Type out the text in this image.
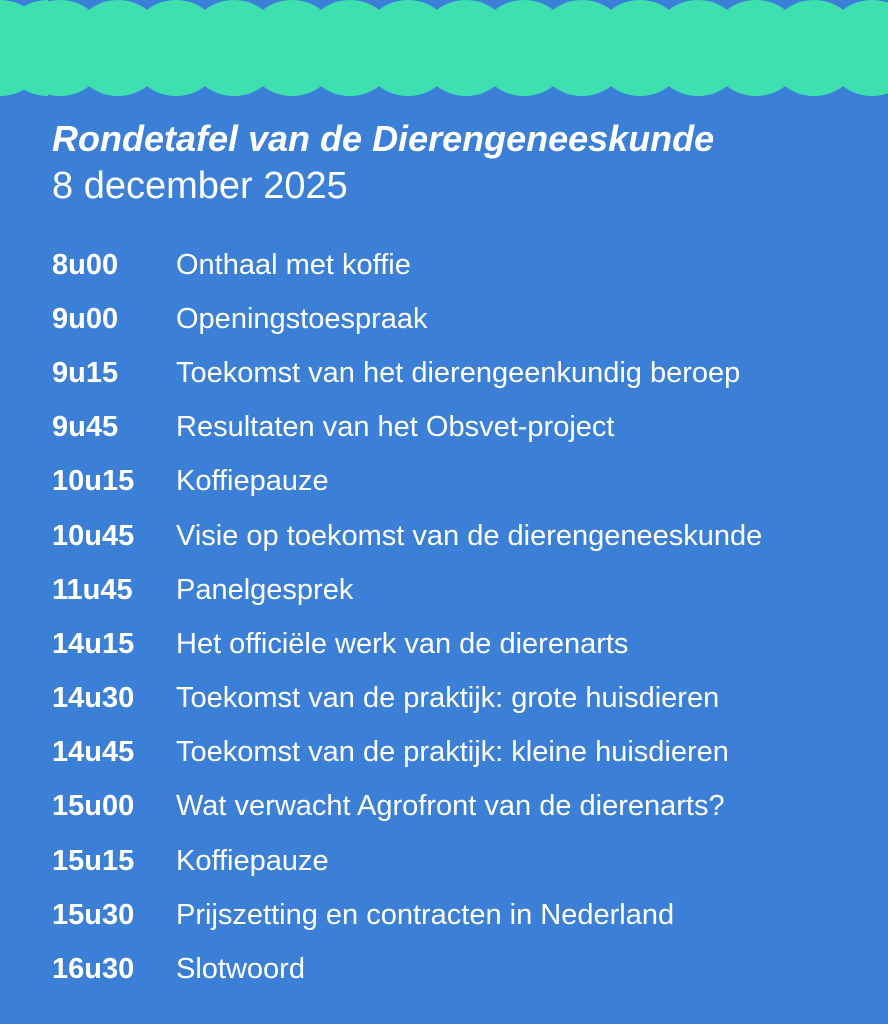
Rondetafel van de Dierengeneeskunde

8 december 2025

8u00	Onthaal met koffie
9u00	Openingstoespraak
9u15	Toekomst van het dierengeenkundig beroep
9u45	Resultaten van het Obsvet-project
10u15	Koffiepauze
10u45	Visie op toekomst van de dierengeneeskunde
11u45	Panelgesprek
14u15	Het officiële werk van de dierenarts
14u30	Toekomst van de praktijk: grote huisdieren
14u45	Toekomst van de praktijk: kleine huisdieren
15u00	Wat verwacht Agrofront van de dierenarts?
15u15	Koffiepauze
15u30	Prijszetting en contracten in Nederland
16u30	Slotwoord
